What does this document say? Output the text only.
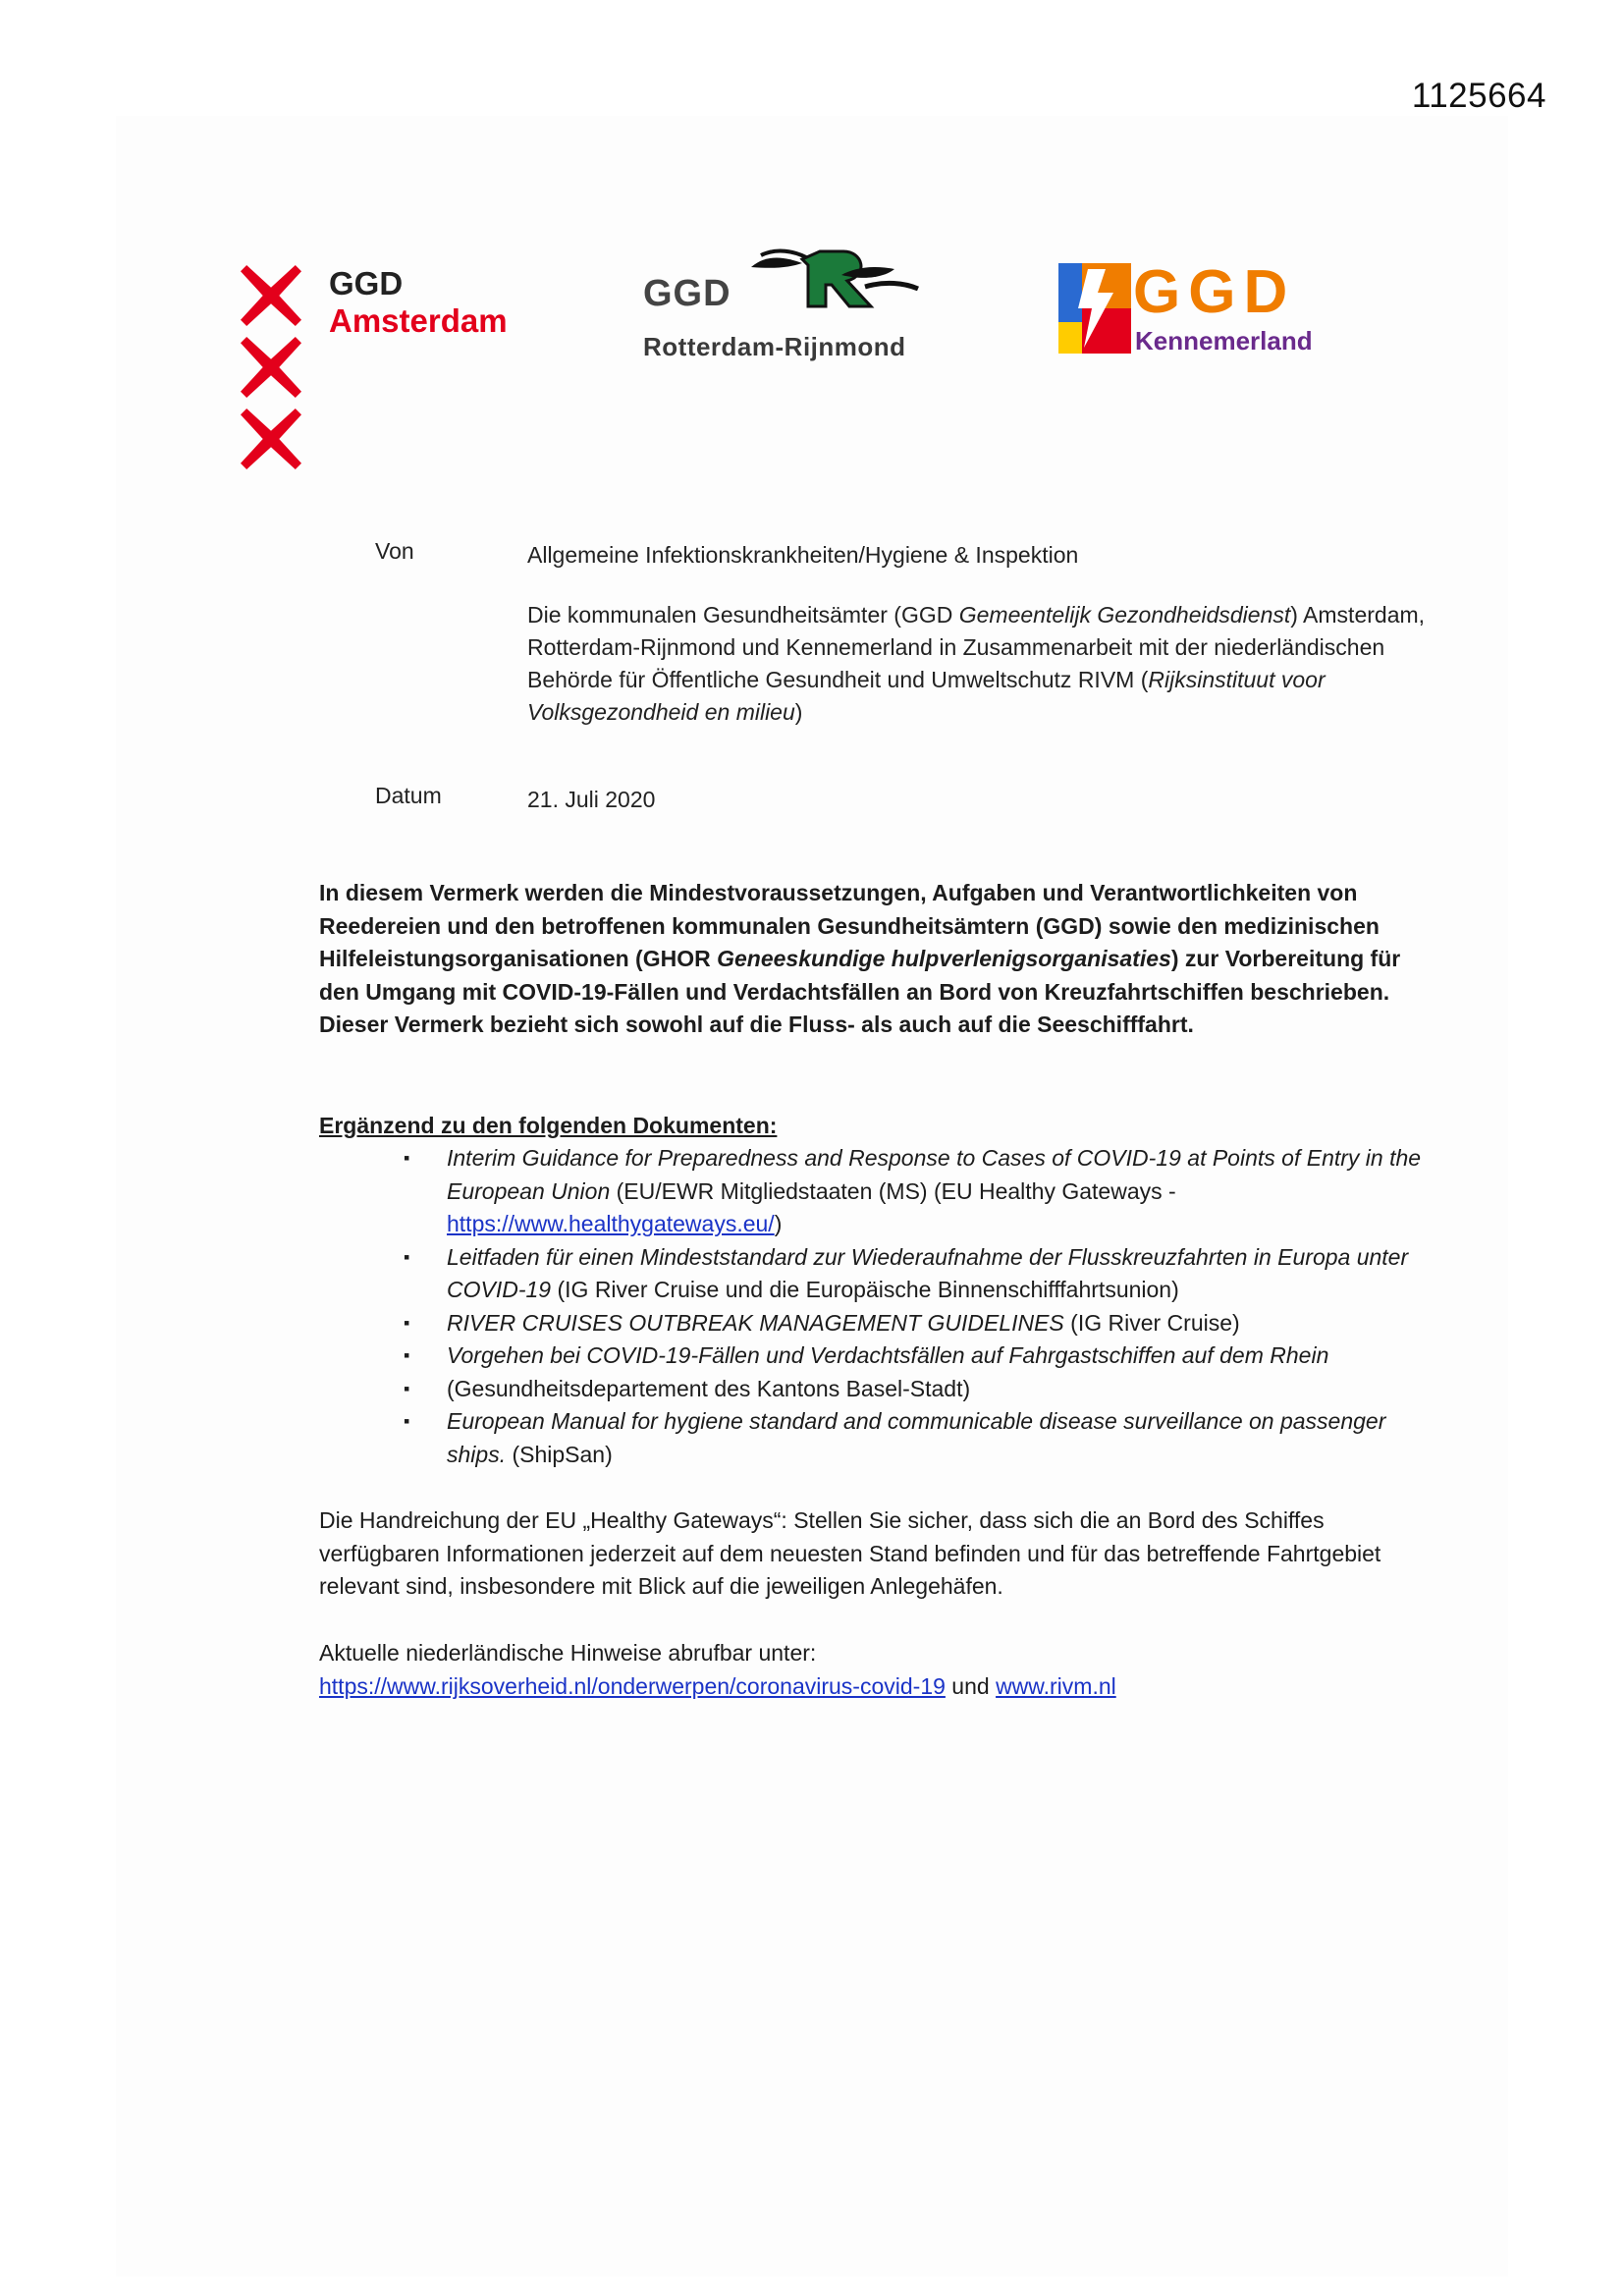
1125664
GGD
Amsterdam
GGD
Rotterdam-Rijnmond
GGD
Kennemerland
Von	Allgemeine Infektionskrankheiten/Hygiene & Inspektion

Die kommunalen Gesundheitsämter (GGD Gemeentelijk Gezondheidsdienst) Amsterdam, Rotterdam-Rijnmond und Kennemerland in Zusammenarbeit mit der niederländischen Behörde für Öffentliche Gesundheit und Umweltschutz RIVM (Rijksinstituut voor Volksgezondheid en milieu)

Datum	21. Juli 2020
In diesem Vermerk werden die Mindestvoraussetzungen, Aufgaben und Verantwortlichkeiten von Reedereien und den betroffenen kommunalen Gesundheitsämtern (GGD) sowie den medizinischen Hilfeleistungsorganisationen (GHOR Geneeskundige hulpverlenigsorganisaties) zur Vorbereitung für den Umgang mit COVID-19-Fällen und Verdachtsfällen an Bord von Kreuzfahrtschiffen beschrieben. Dieser Vermerk bezieht sich sowohl auf die Fluss- als auch auf die Seeschifffahrt.
Ergänzend zu den folgenden Dokumenten:
▪ Interim Guidance for Preparedness and Response to Cases of COVID-19 at Points of Entry in the European Union (EU/EWR Mitgliedstaaten (MS) (EU Healthy Gateways - https://www.healthygateways.eu/)
▪ Leitfaden für einen Mindeststandard zur Wiederaufnahme der Flusskreuzfahrten in Europa unter COVID-19 (IG River Cruise und die Europäische Binnenschifffahrtsunion)
▪ RIVER CRUISES OUTBREAK MANAGEMENT GUIDELINES (IG River Cruise)
▪ Vorgehen bei COVID-19-Fällen und Verdachtsfällen auf Fahrgastschiffen auf dem Rhein
▪ (Gesundheitsdepartement des Kantons Basel-Stadt)
▪ European Manual for hygiene standard and communicable disease surveillance on passenger ships. (ShipSan)
Die Handreichung der EU „Healthy Gateways“: Stellen Sie sicher, dass sich die an Bord des Schiffes verfügbaren Informationen jederzeit auf dem neuesten Stand befinden und für das betreffende Fahrtgebiet relevant sind, insbesondere mit Blick auf die jeweiligen Anlegehäfen.
Aktuelle niederländische Hinweise abrufbar unter:
https://www.rijksoverheid.nl/onderwerpen/coronavirus-covid-19 und www.rivm.nl
